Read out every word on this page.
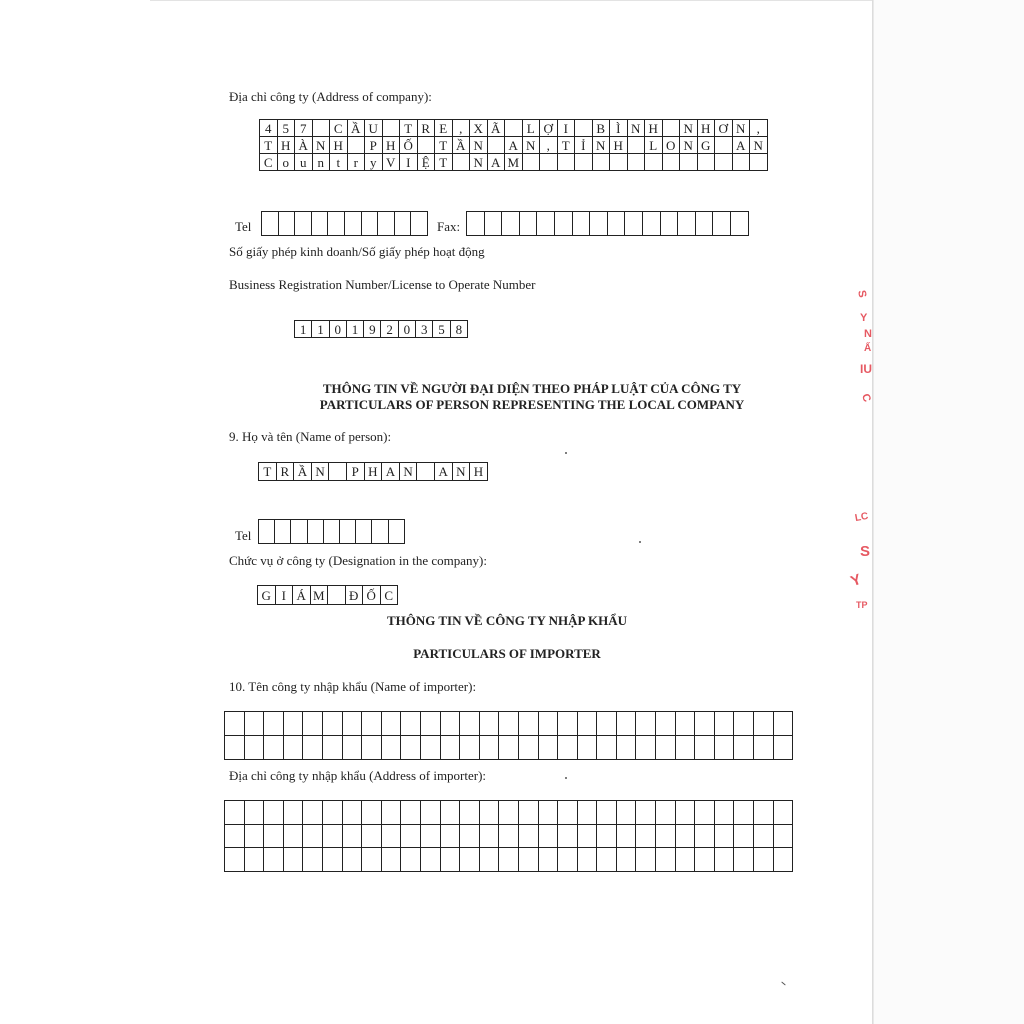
Địa chỉ công ty (Address of company):
4 5 7	C Ầ U	T R E , X Ã	L Ợ I	B Ì N H	N H Ơ N ,
T H À N H	P H Ố	T Ầ N	A N , T Ỉ N H	L O N G	A N
C o u n t	r y V I Ệ T	N A M
Tel	Fax:
Số giấy phép kinh doanh/Số giấy phép hoạt động
Business Registration Number/License to Operate Number
1 1 0 1 9 2 0 3 5 8
THÔNG TIN VỀ NGƯỜI ĐẠI DIỆN THEO PHÁP LUẬT CỦA CÔNG TY
PARTICULARS OF PERSON REPRESENTING THE LOCAL COMPANY
9. Họ và tên (Name of person):
T R Ầ N	P H A N	A N H
Tel
Chức vụ ở công ty (Designation in the company):
G I Á M Đ Ố C
THÔNG TIN VỀ CÔNG TY NHẬP KHẨU
PARTICULARS OF IMPORTER
10. Tên công ty nhập khẩu (Name of importer):
Địa chỉ công ty nhập khẩu (Address of importer):
S
Y
N
IU
Ấ
C
LC
S
Y
TP
